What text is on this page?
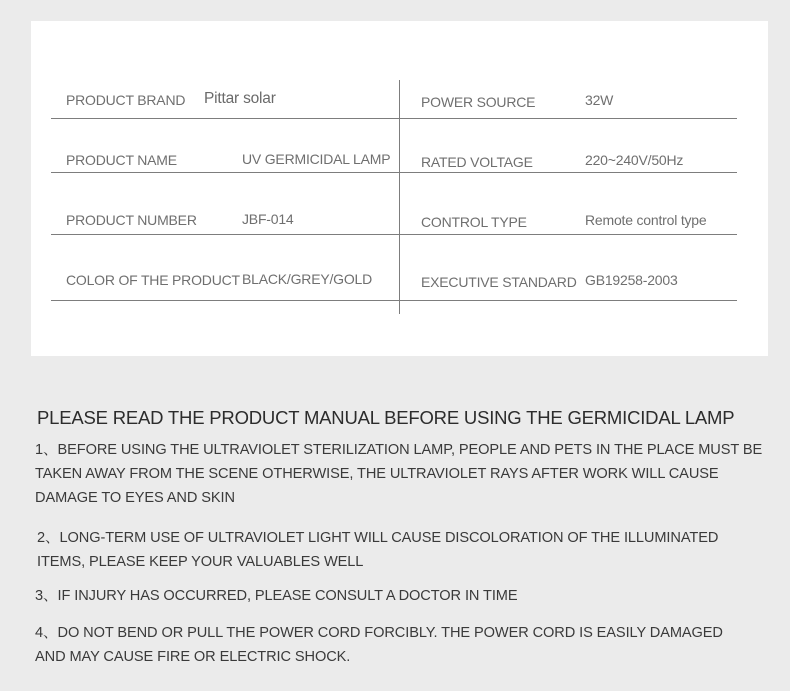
PRODUCT BRAND Pittar solar
PRODUCT NAME	UV GERMICIDAL LAMP
PRODUCT NUMBER	JBF-014
COLOR OF THE PRODUCT BLACK/GREY/GOLD
POWER SOURCE	32W
RATED VOLTAGE	220~240V/50Hz
CONTROL TYPE	Remote control type
EXECUTIVE STANDARD GB19258-2003
PLEASE READ THE PRODUCT MANUAL BEFORE USING THE GERMICIDAL LAMP
1、BEFORE USING THE ULTRAVIOLET STERILIZATION LAMP, PEOPLE AND PETS IN THE PLACE MUST BE TAKEN AWAY FROM THE SCENE OTHERWISE, THE ULTRAVIOLET RAYS AFTER WORK WILL CAUSE DAMAGE TO EYES AND SKIN
2、LONG-TERM USE OF ULTRAVIOLET LIGHT WILL CAUSE DISCOLORATION OF THE ILLUMINATED ITEMS, PLEASE KEEP YOUR VALUABLES WELL
3、IF INJURY HAS OCCURRED, PLEASE CONSULT A DOCTOR IN TIME
4、DO NOT BEND OR PULL THE POWER CORD FORCIBLY. THE POWER CORD IS EASILY DAMAGED AND MAY CAUSE FIRE OR ELECTRIC SHOCK.
